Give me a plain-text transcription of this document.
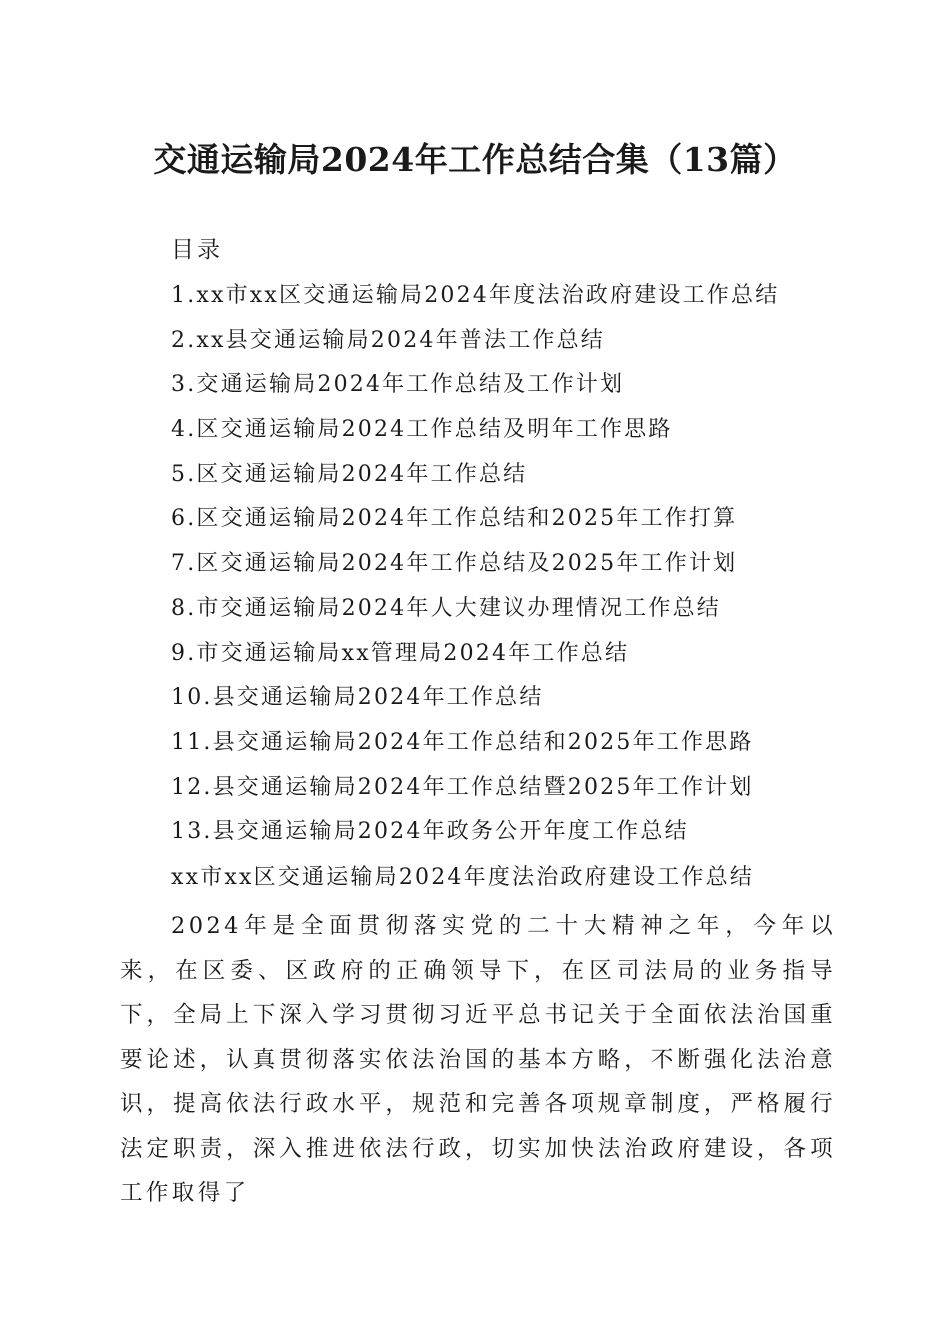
交通运输局2024年工作总结合集（13篇）
目录
1.xx市xx区交通运输局2024年度法治政府建设工作总结
2.xx县交通运输局2024年普法工作总结
3.交通运输局2024年工作总结及工作计划
4.区交通运输局2024工作总结及明年工作思路
5.区交通运输局2024年工作总结
6.区交通运输局2024年工作总结和2025年工作打算
7.区交通运输局2024年工作总结及2025年工作计划
8.市交通运输局2024年人大建议办理情况工作总结
9.市交通运输局xx管理局2024年工作总结
10.县交通运输局2024年工作总结
11.县交通运输局2024年工作总结和2025年工作思路
12.县交通运输局2024年工作总结暨2025年工作计划
13.县交通运输局2024年政务公开年度工作总结
xx市xx区交通运输局2024年度法治政府建设工作总结

2024年是全面贯彻落实党的二十大精神之年，今年以来，在区委、区政府的正确领导下，在区司法局的业务指导下，全局上下深入学习贯彻习近平总书记关于全面依法治国重要论述，认真贯彻落实依法治国的基本方略，不断强化法治意识，提高依法行政水平，规范和完善各项规章制度，严格履行法定职责，深入推进依法行政，切实加快法治政府建设，各项工作取得了
